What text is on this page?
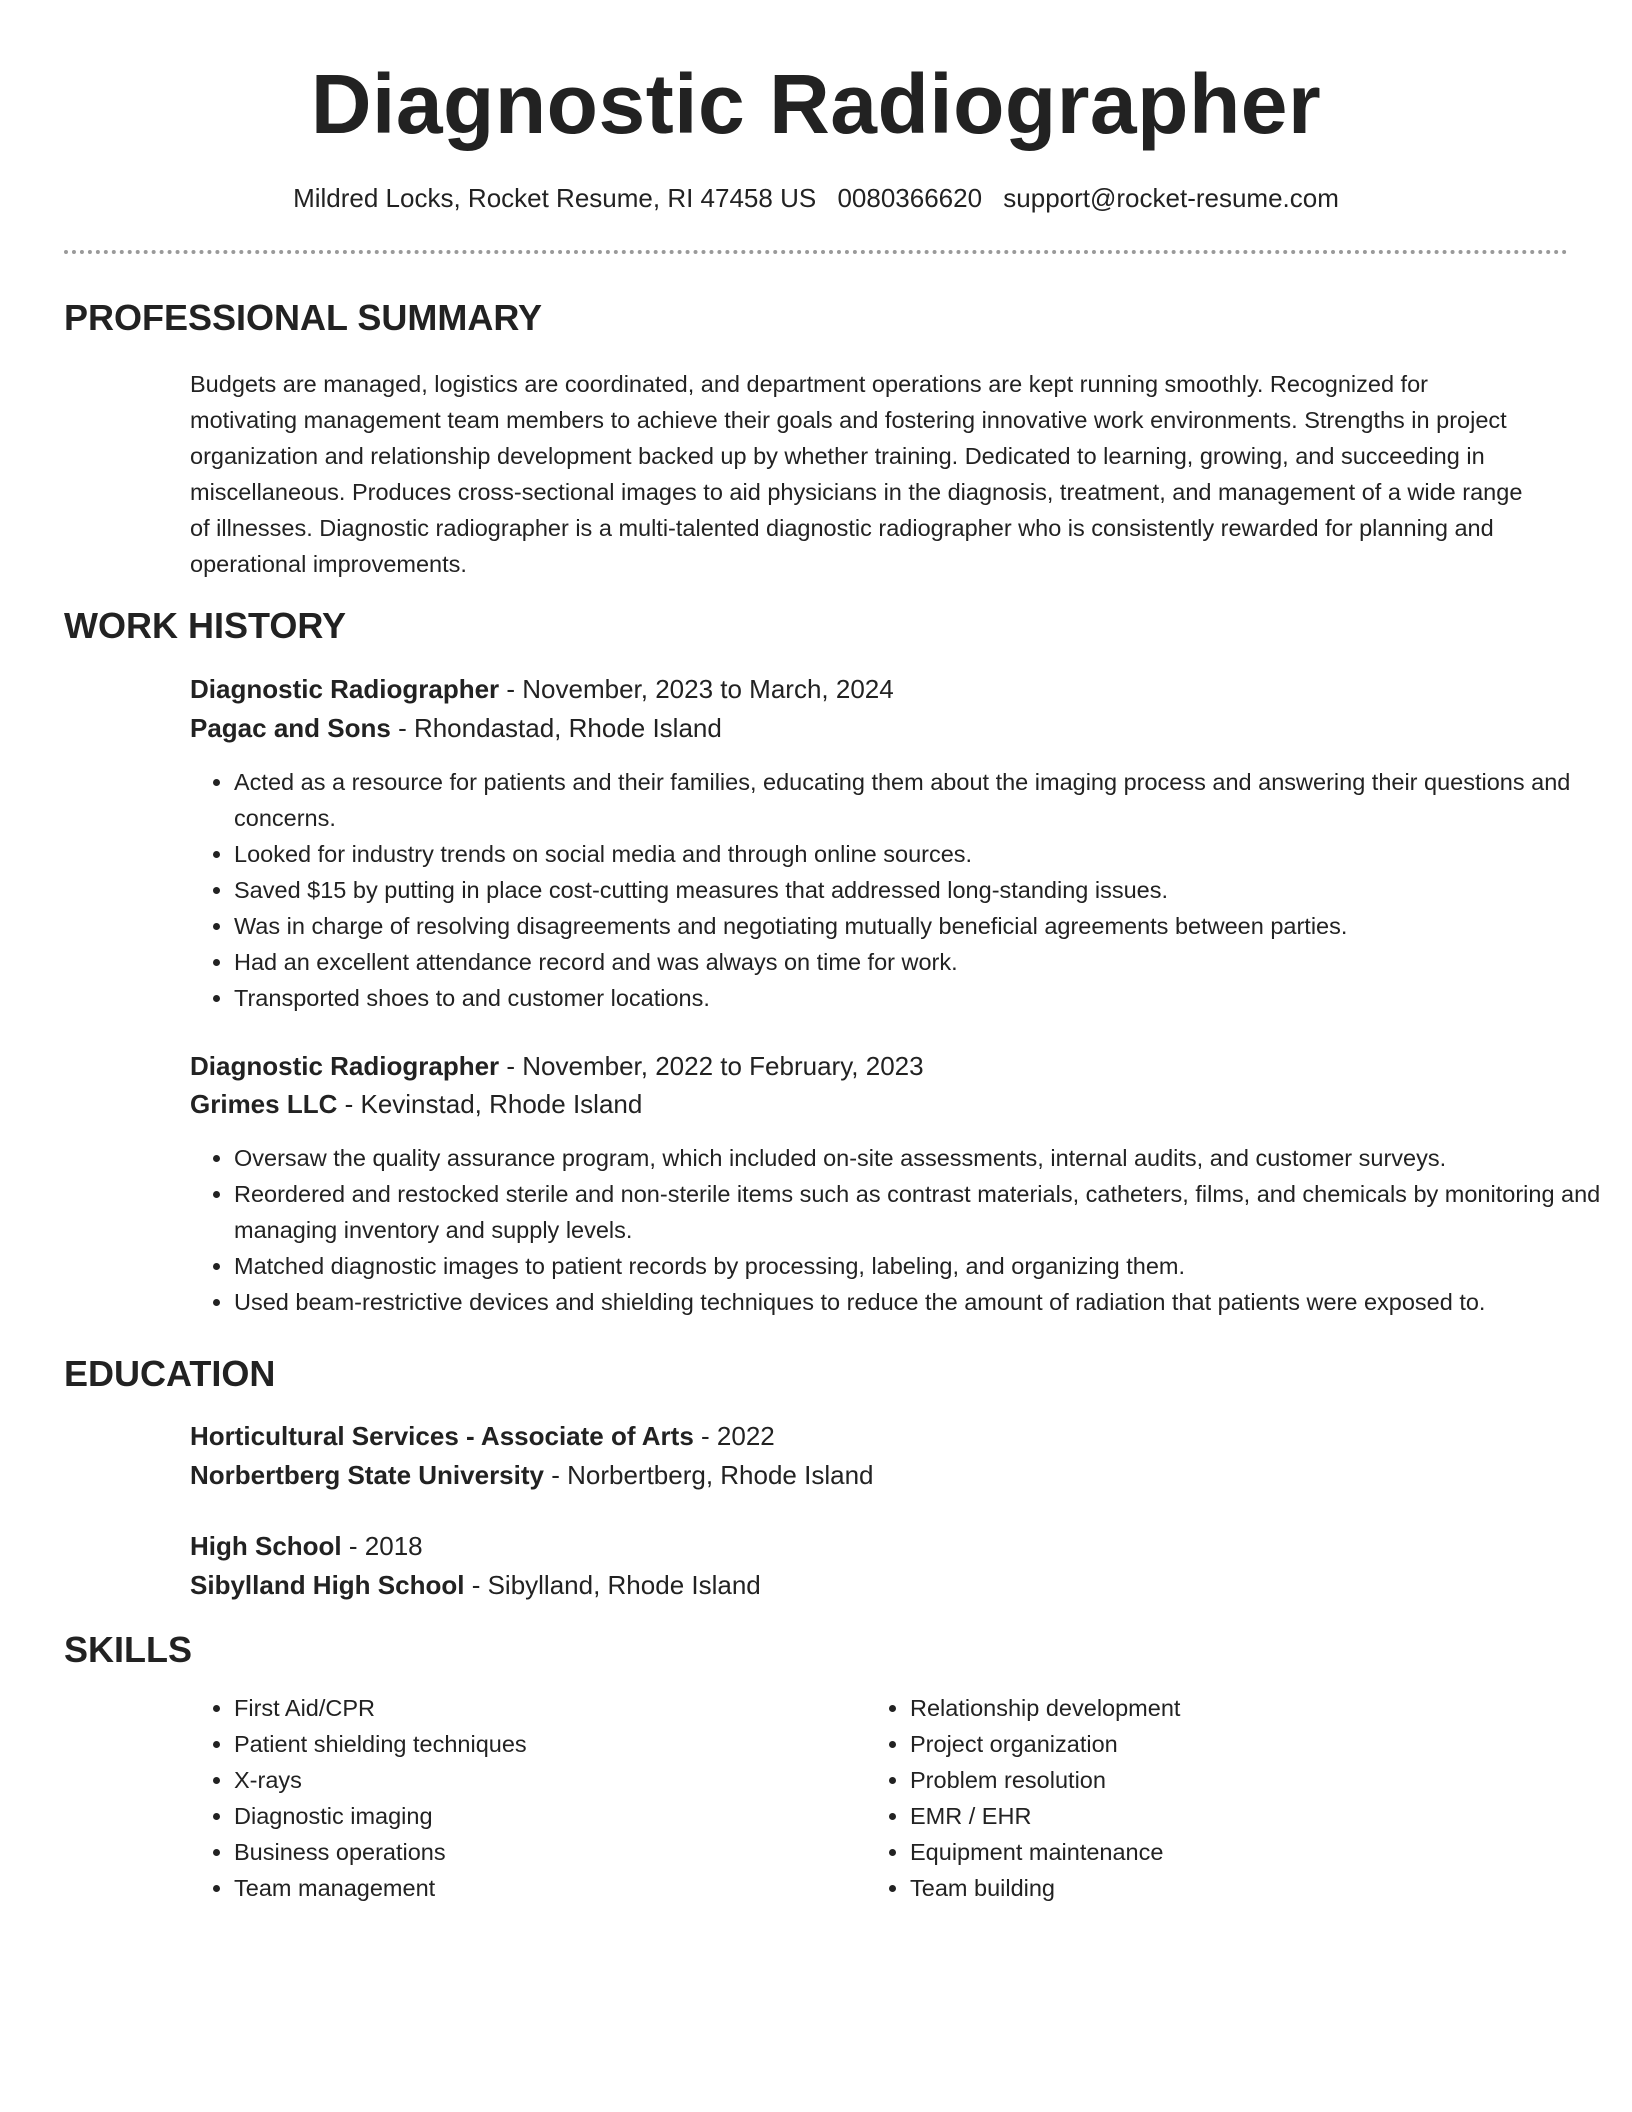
Diagnostic Radiographer
Mildred Locks, Rocket Resume, RI 47458 US 0080366620 support@rocket-resume.com
PROFESSIONAL SUMMARY

Budgets are managed, logistics are coordinated, and department operations are kept running smoothly. Recognized for motivating management team members to achieve their goals and fostering innovative work environments. Strengths in project organization and relationship development backed up by whether training. Dedicated to learning, growing, and succeeding in miscellaneous. Produces cross-sectional images to aid physicians in the diagnosis, treatment, and management of a wide range of illnesses. Diagnostic radiographer is a multi-talented diagnostic radiographer who is consistently rewarded for planning and operational improvements.

WORK HISTORY
Diagnostic Radiographer - November, 2023 to March, 2024
Pagac and Sons - Rhondastad, Rhode Island
• Acted as a resource for patients and their families, educating them about the imaging process and answering their questions and concerns.
• Looked for industry trends on social media and through online sources.
• Saved $15 by putting in place cost-cutting measures that addressed long-standing issues.
• Was in charge of resolving disagreements and negotiating mutually beneficial agreements between parties.
• Had an excellent attendance record and was always on time for work.
• Transported shoes to and customer locations.
Diagnostic Radiographer - November, 2022 to February, 2023
Grimes LLC - Kevinstad, Rhode Island
• Oversaw the quality assurance program, which included on-site assessments, internal audits, and customer surveys.
• Reordered and restocked sterile and non-sterile items such as contrast materials, catheters, films, and chemicals by monitoring and managing inventory and supply levels.
• Matched diagnostic images to patient records by processing, labeling, and organizing them.
• Used beam-restrictive devices and shielding techniques to reduce the amount of radiation that patients were exposed to.
EDUCATION
Horticultural Services - Associate of Arts - 2022
Norbertberg State University - Norbertberg, Rhode Island
High School - 2018
Sibylland High School - Sibylland, Rhode Island
SKILLS
• First Aid/CPR
• Patient shielding techniques
• X-rays
• Diagnostic imaging
• Business operations
• Team management
• Relationship development
• Project organization
• Problem resolution
• EMR / EHR
• Equipment maintenance
• Team building
